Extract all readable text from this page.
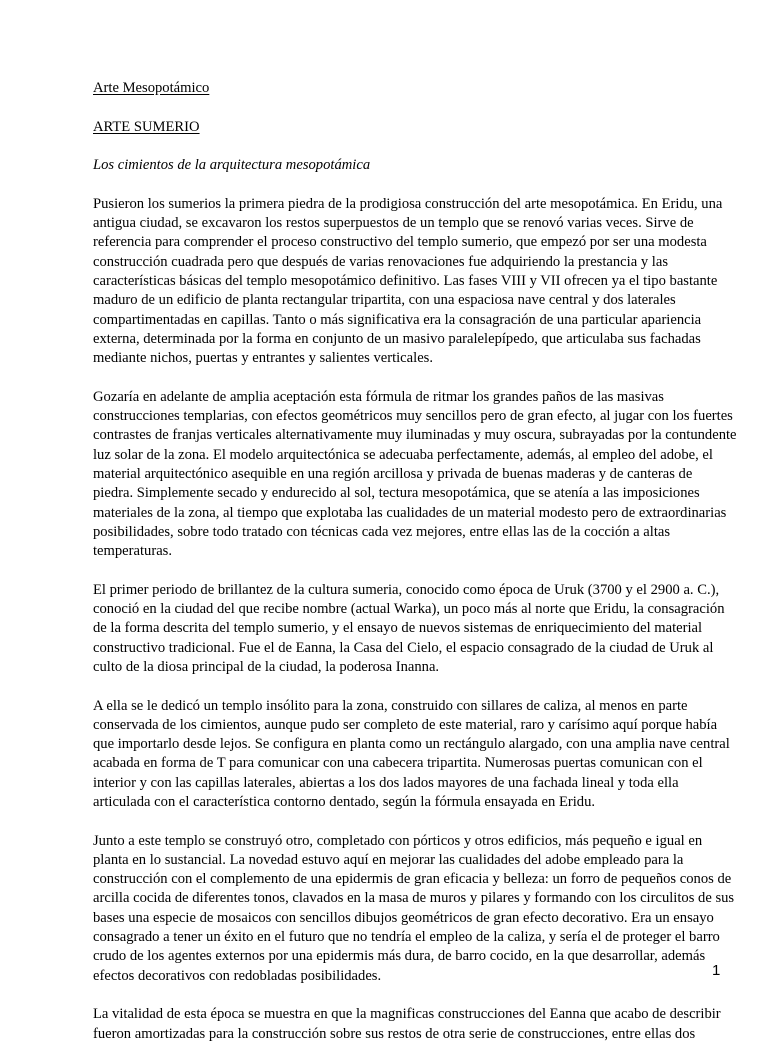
Arte Mesopotámico
ARTE SUMERIO
Los cimientos de la arquitectura mesopotámica
Pusieron los sumerios la primera piedra de la prodigiosa construcción del arte mesopotámica. En Eridu, una
antigua ciudad, se excavaron los restos superpuestos de un templo que se renovó varias veces. Sirve de
referencia para comprender el proceso constructivo del templo sumerio, que empezó por ser una modesta
construcción cuadrada pero que después de varias renovaciones fue adquiriendo la prestancia y las
características básicas del templo mesopotámico definitivo. Las fases VIII y VII ofrecen ya el tipo bastante
maduro de un edificio de planta rectangular tripartita, con una espaciosa nave central y dos laterales
compartimentadas en capillas. Tanto o más significativa era la consagración de una particular apariencia
externa, determinada por la forma en conjunto de un masivo paralelepípedo, que articulaba sus fachadas
mediante nichos, puertas y entrantes y salientes verticales.
Gozaría en adelante de amplia aceptación esta fórmula de ritmar los grandes paños de las masivas
construcciones templarias, con efectos geométricos muy sencillos pero de gran efecto, al jugar con los fuertes
contrastes de franjas verticales alternativamente muy iluminadas y muy oscura, subrayadas por la contundente
luz solar de la zona. El modelo arquitectónica se adecuaba perfectamente, además, al empleo del adobe, el
material arquitectónico asequible en una región arcillosa y privada de buenas maderas y de canteras de
piedra. Simplemente secado y endurecido al sol, tectura mesopotámica, que se atenía a las imposiciones
materiales de la zona, al tiempo que explotaba las cualidades de un material modesto pero de extraordinarias
posibilidades, sobre todo tratado con técnicas cada vez mejores, entre ellas las de la cocción a altas
temperaturas.
El primer periodo de brillantez de la cultura sumeria, conocido como época de Uruk (3700 y el 2900 a. C.),
conoció en la ciudad del que recibe nombre (actual Warka), un poco más al norte que Eridu, la consagración
de la forma descrita del templo sumerio, y el ensayo de nuevos sistemas de enriquecimiento del material
constructivo tradicional. Fue el de Eanna, la Casa del Cielo, el espacio consagrado de la ciudad de Uruk al
culto de la diosa principal de la ciudad, la poderosa Inanna.
A ella se le dedicó un templo insólito para la zona, construido con sillares de caliza, al menos en parte
conservada de los cimientos, aunque pudo ser completo de este material, raro y carísimo aquí porque había
que importarlo desde lejos. Se configura en planta como un rectángulo alargado, con una amplia nave central
acabada en forma de T para comunicar con una cabecera tripartita. Numerosas puertas comunican con el
interior y con las capillas laterales, abiertas a los dos lados mayores de una fachada lineal y toda ella
articulada con el característica contorno dentado, según la fórmula ensayada en Eridu.
Junto a este templo se construyó otro, completado con pórticos y otros edificios, más pequeño e igual en
planta en lo sustancial. La novedad estuvo aquí en mejorar las cualidades del adobe empleado para la
construcción con el complemento de una epidermis de gran eficacia y belleza: un forro de pequeños conos de
arcilla cocida de diferentes tonos, clavados en la masa de muros y pilares y formando con los circulitos de sus
bases una especie de mosaicos con sencillos dibujos geométricos de gran efecto decorativo. Era un ensayo
consagrado a tener un éxito en el futuro que no tendría el empleo de la caliza, y sería el de proteger el barro
crudo de los agentes externos por una epidermis más dura, de barro cocido, en la que desarrollar, además
efectos decorativos con redobladas posibilidades.
La vitalidad de esta época se muestra en que la magnificas construcciones del Eanna que acabo de describir
fueron amortizadas para la construcción sobre sus restos de otra serie de construcciones, entre ellas dos
1
